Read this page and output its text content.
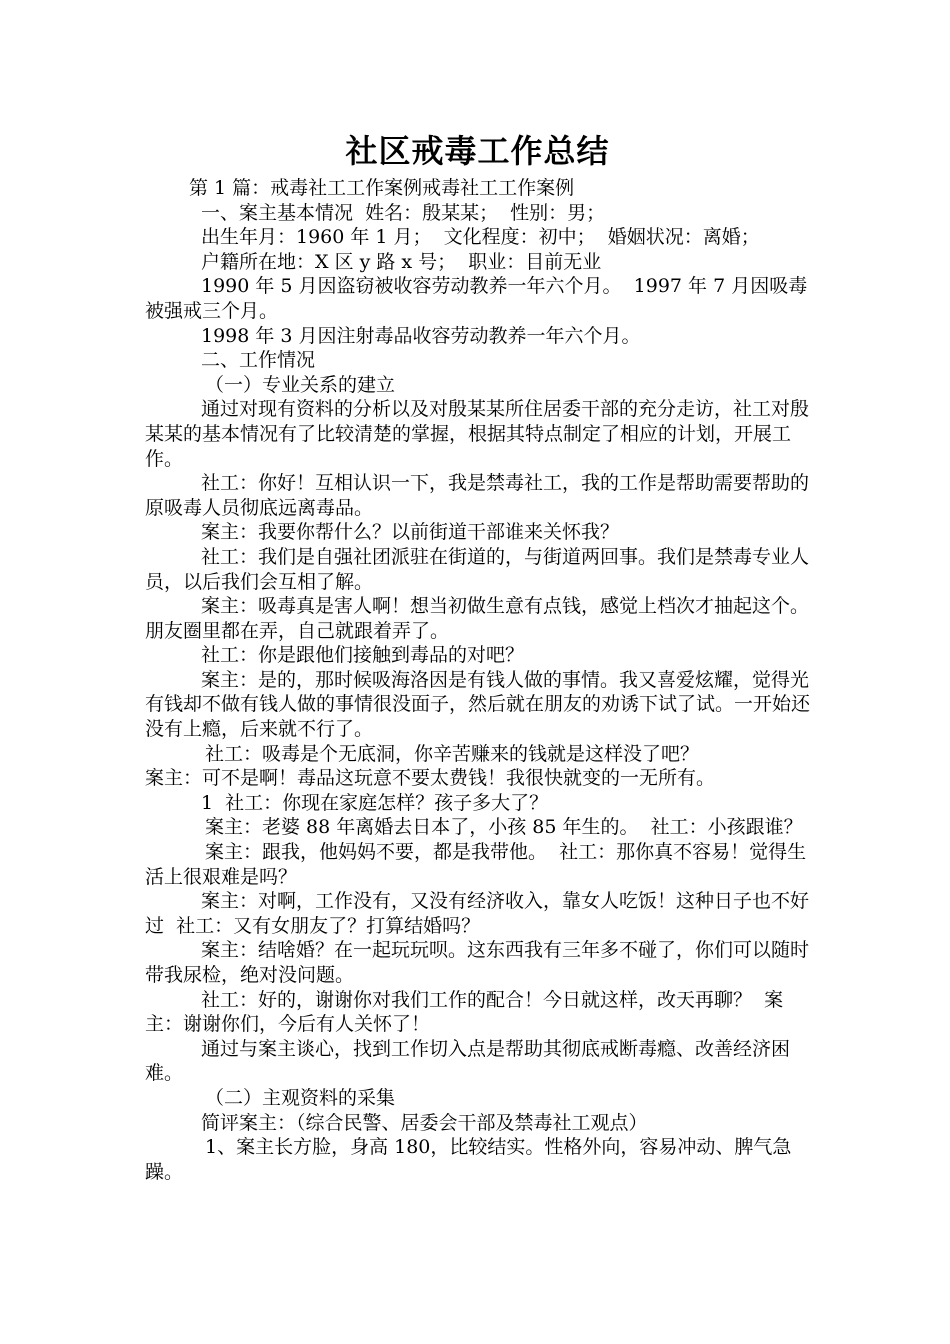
社区戒毒工作总结

第 1 篇：戒毒社工工作案例戒毒社工工作案例

一、案主基本情况  姓名：殷某某；  性别：男；

出生年月：1960 年 1 月；  文化程度：初中；  婚姻状况：离婚；

户籍所在地：X 区 y 路 x 号；  职业：目前无业

1990 年 5 月因盗窃被收容劳动教养一年六个月。  1997 年 7 月因吸毒被强戒三个月。

1998 年 3 月因注射毒品收容劳动教养一年六个月。

二、工作情况

（一）专业关系的建立

通过对现有资料的分析以及对殷某某所住居委干部的充分走访，社工对殷某某的基本情况有了比较清楚的掌握，根据其特点制定了相应的计划，开展工作。

社工：你好！互相认识一下，我是禁毒社工，我的工作是帮助需要帮助的原吸毒人员彻底远离毒品。

案主：我要你帮什么？以前街道干部谁来关怀我？

社工：我们是自强社团派驻在街道的，与街道两回事。我们是禁毒专业人员，以后我们会互相了解。

案主：吸毒真是害人啊！想当初做生意有点钱，感觉上档次才抽起这个。朋友圈里都在弄，自己就跟着弄了。

社工：你是跟他们接触到毒品的对吧？

案主：是的，那时候吸海洛因是有钱人做的事情。我又喜爱炫耀，觉得光有钱却不做有钱人做的事情很没面子，然后就在朋友的劝诱下试了试。一开始还没有上瘾，后来就不行了。

社工：吸毒是个无底洞，你辛苦赚来的钱就是这样没了吧？

案主：可不是啊！毒品这玩意不要太费钱！我很快就变的一无所有。

1  社工：你现在家庭怎样？孩子多大了？

案主：老婆 88 年离婚去日本了，小孩 85 年生的。  社工：小孩跟谁？

案主：跟我，他妈妈不要，都是我带他。  社工：那你真不容易！觉得生活上很艰难是吗？

案主：对啊，工作没有，又没有经济收入，靠女人吃饭！这种日子也不好过  社工：又有女朋友了？打算结婚吗？

案主：结啥婚？在一起玩玩呗。这东西我有三年多不碰了，你们可以随时带我尿检，绝对没问题。

社工：好的，谢谢你对我们工作的配合！今日就这样，改天再聊？  案主：谢谢你们，今后有人关怀了！

通过与案主谈心，找到工作切入点是帮助其彻底戒断毒瘾、改善经济困难。

（二）主观资料的采集

简评案主：（综合民警、居委会干部及禁毒社工观点）

1、案主长方脸，身高 180，比较结实。性格外向，容易冲动、脾气急躁。
